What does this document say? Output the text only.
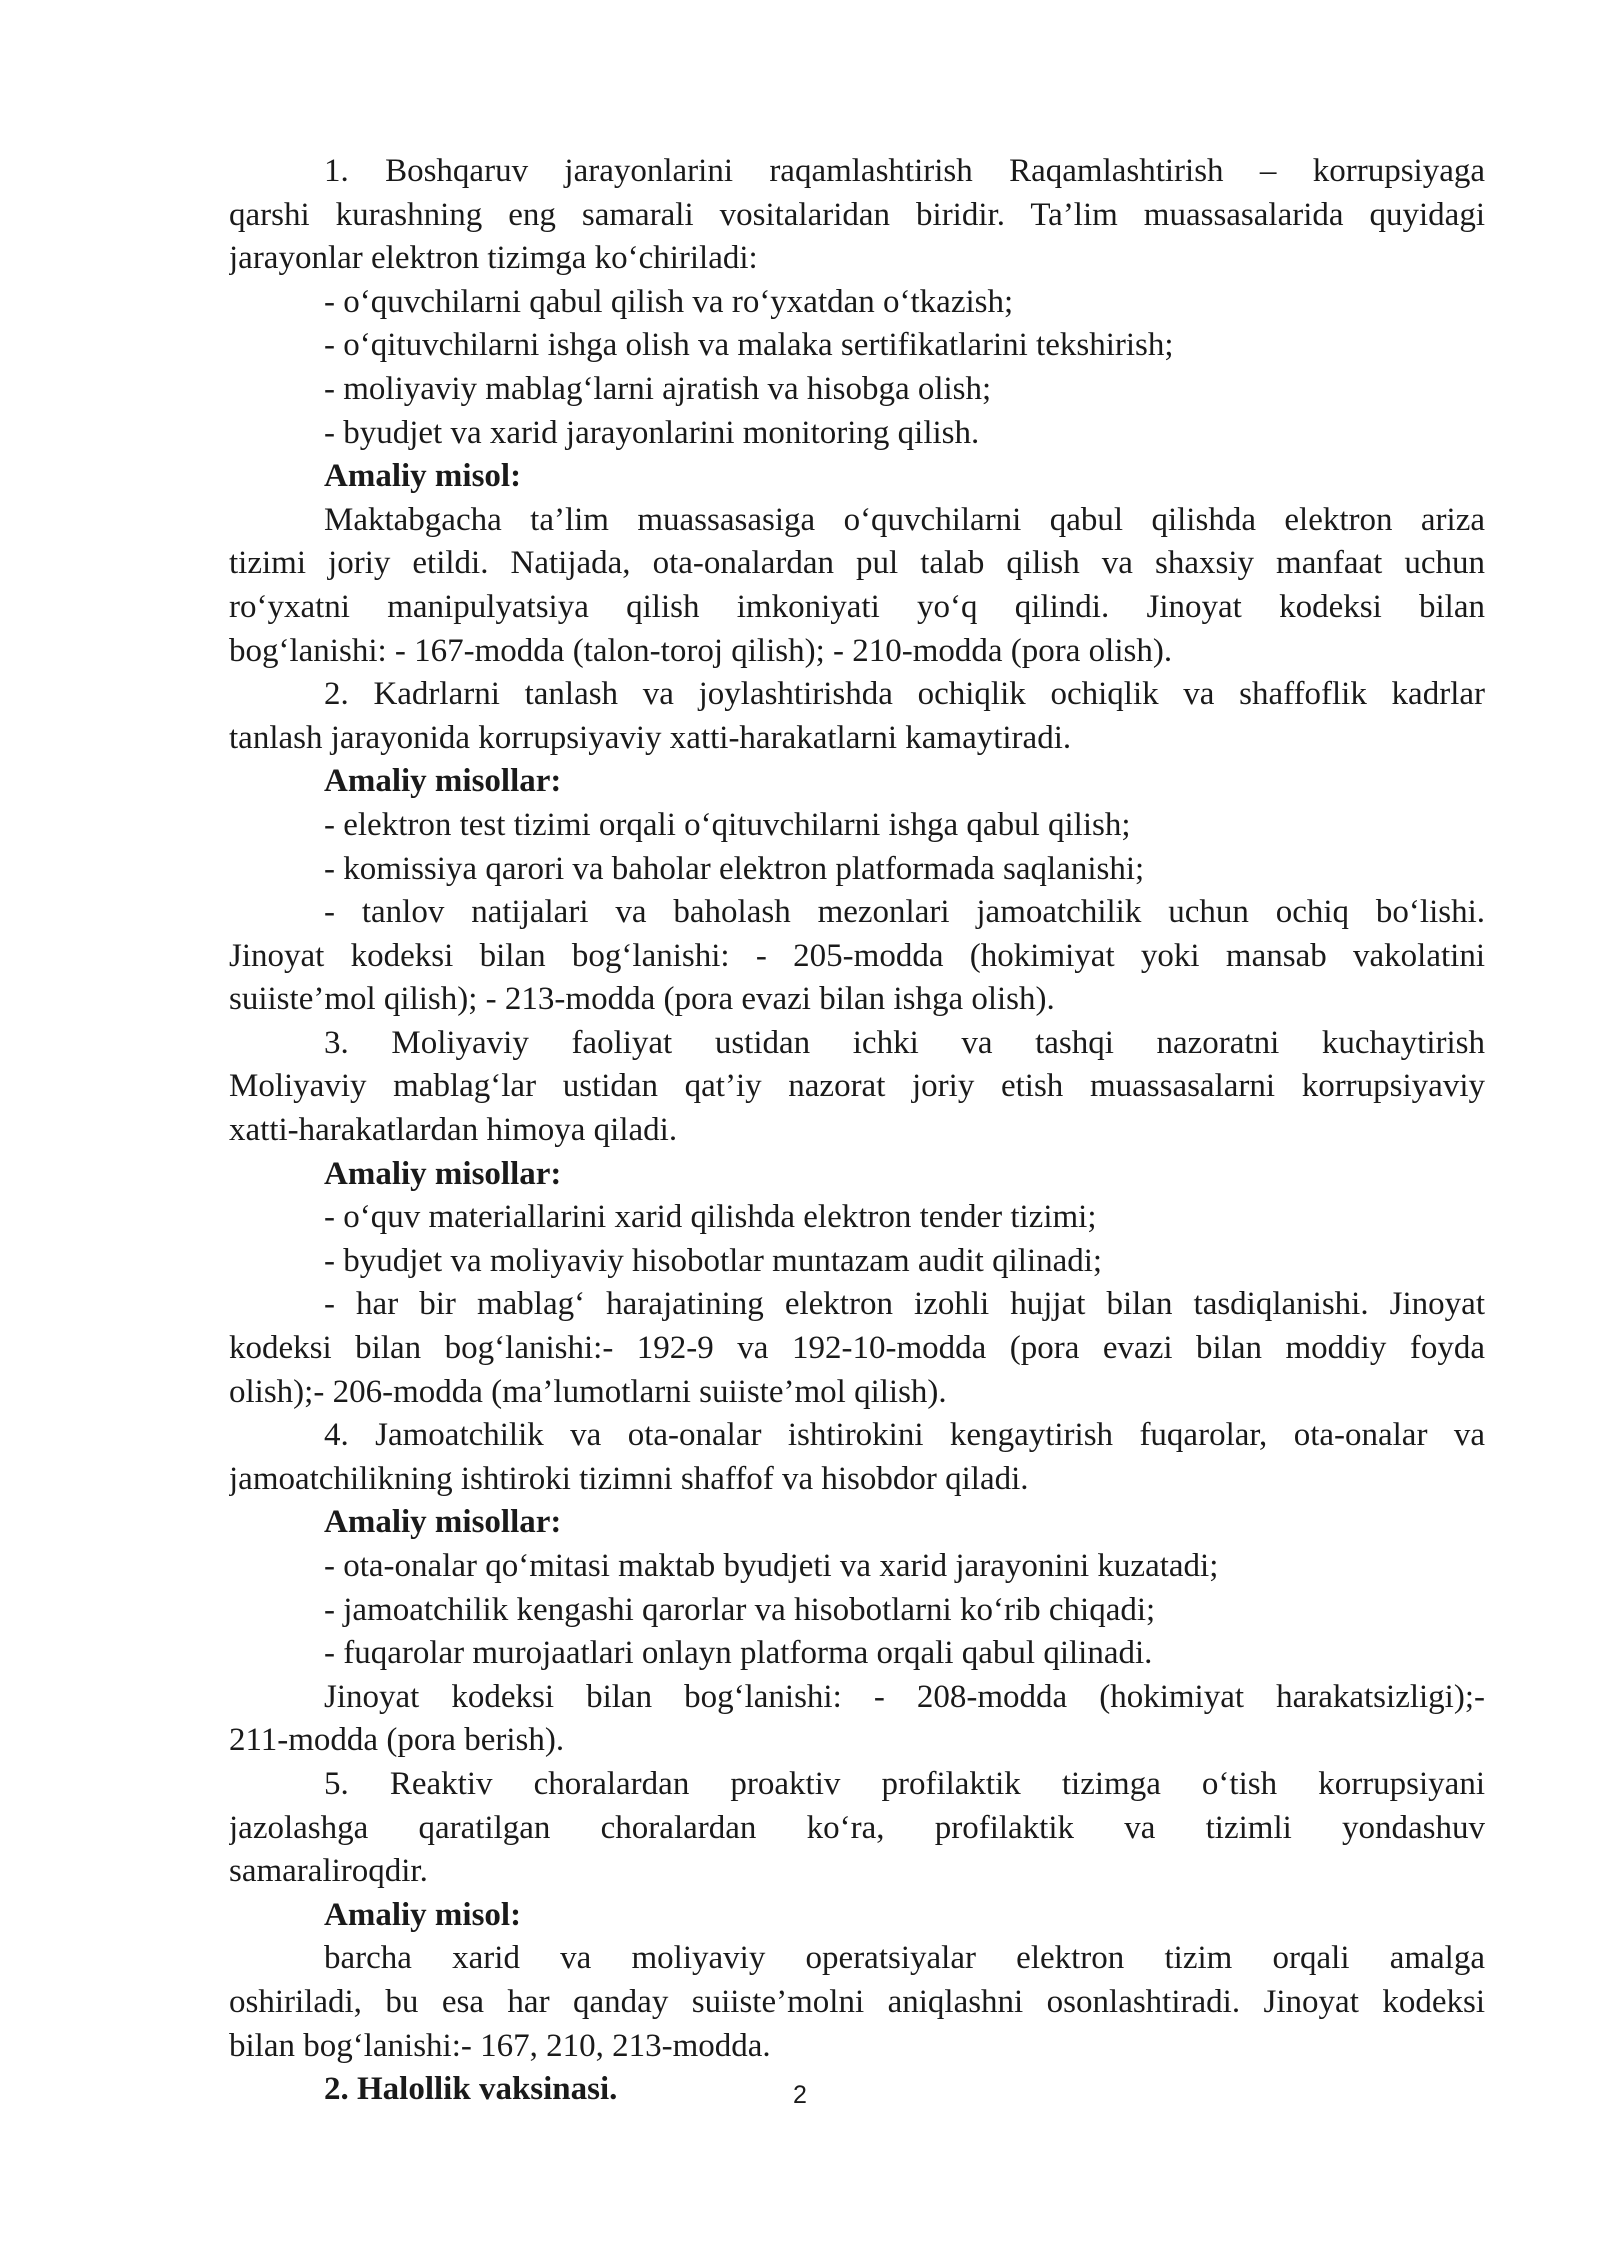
1. Boshqaruv jarayonlarini raqamlashtirish Raqamlashtirish – korrupsiyaga
qarshi kurashning eng samarali vositalaridan biridir. Ta’lim muassasalarida quyidagi
jarayonlar elektron tizimga ko‘chiriladi:
- o‘quvchilarni qabul qilish va ro‘yxatdan o‘tkazish;
- o‘qituvchilarni ishga olish va malaka sertifikatlarini tekshirish;
- moliyaviy mablag‘larni ajratish va hisobga olish;
- byudjet va xarid jarayonlarini monitoring qilish.
Amaliy misol:
Maktabgacha ta’lim muassasasiga o‘quvchilarni qabul qilishda elektron ariza
tizimi joriy etildi. Natijada, ota-onalardan pul talab qilish va shaxsiy manfaat uchun
ro‘yxatni manipulyatsiya qilish imkoniyati yo‘q qilindi. Jinoyat kodeksi bilan
bog‘lanishi: - 167-modda (talon-toroj qilish); - 210-modda (pora olish).
2. Kadrlarni tanlash va joylashtirishda ochiqlik ochiqlik va shaffoflik kadrlar
tanlash jarayonida korrupsiyaviy xatti-harakatlarni kamaytiradi.
Amaliy misollar:
- elektron test tizimi orqali o‘qituvchilarni ishga qabul qilish;
- komissiya qarori va baholar elektron platformada saqlanishi;
- tanlov natijalari va baholash mezonlari jamoatchilik uchun ochiq bo‘lishi.
Jinoyat kodeksi bilan bog‘lanishi: - 205-modda (hokimiyat yoki mansab vakolatini
suiiste’mol qilish); - 213-modda (pora evazi bilan ishga olish).
3. Moliyaviy faoliyat ustidan ichki va tashqi nazoratni kuchaytirish
Moliyaviy mablag‘lar ustidan qat’iy nazorat joriy etish muassasalarni korrupsiyaviy
xatti-harakatlardan himoya qiladi.
Amaliy misollar:
- o‘quv materiallarini xarid qilishda elektron tender tizimi;
- byudjet va moliyaviy hisobotlar muntazam audit qilinadi;
- har bir mablag‘ harajatining elektron izohli hujjat bilan tasdiqlanishi. Jinoyat
kodeksi bilan bog‘lanishi:- 192-9 va 192-10-modda (pora evazi bilan moddiy foyda
olish);- 206-modda (ma’lumotlarni suiiste’mol qilish).
4. Jamoatchilik va ota-onalar ishtirokini kengaytirish fuqarolar, ota-onalar va
jamoatchilikning ishtiroki tizimni shaffof va hisobdor qiladi.
Amaliy misollar:
- ota-onalar qo‘mitasi maktab byudjeti va xarid jarayonini kuzatadi;
- jamoatchilik kengashi qarorlar va hisobotlarni ko‘rib chiqadi;
- fuqarolar murojaatlari onlayn platforma orqali qabul qilinadi.
Jinoyat kodeksi bilan bog‘lanishi: - 208-modda (hokimiyat harakatsizligi);-
211-modda (pora berish).
5. Reaktiv choralardan proaktiv profilaktik tizimga o‘tish korrupsiyani
jazolashga qaratilgan choralardan ko‘ra, profilaktik va tizimli yondashuv
samaraliroqdir.
Amaliy misol:
barcha xarid va moliyaviy operatsiyalar elektron tizim orqali amalga
oshiriladi, bu esa har qanday suiiste’molni aniqlashni osonlashtiradi. Jinoyat kodeksi
bilan bog‘lanishi:- 167, 210, 213-modda.
2. Halollik vaksinasi.	2
